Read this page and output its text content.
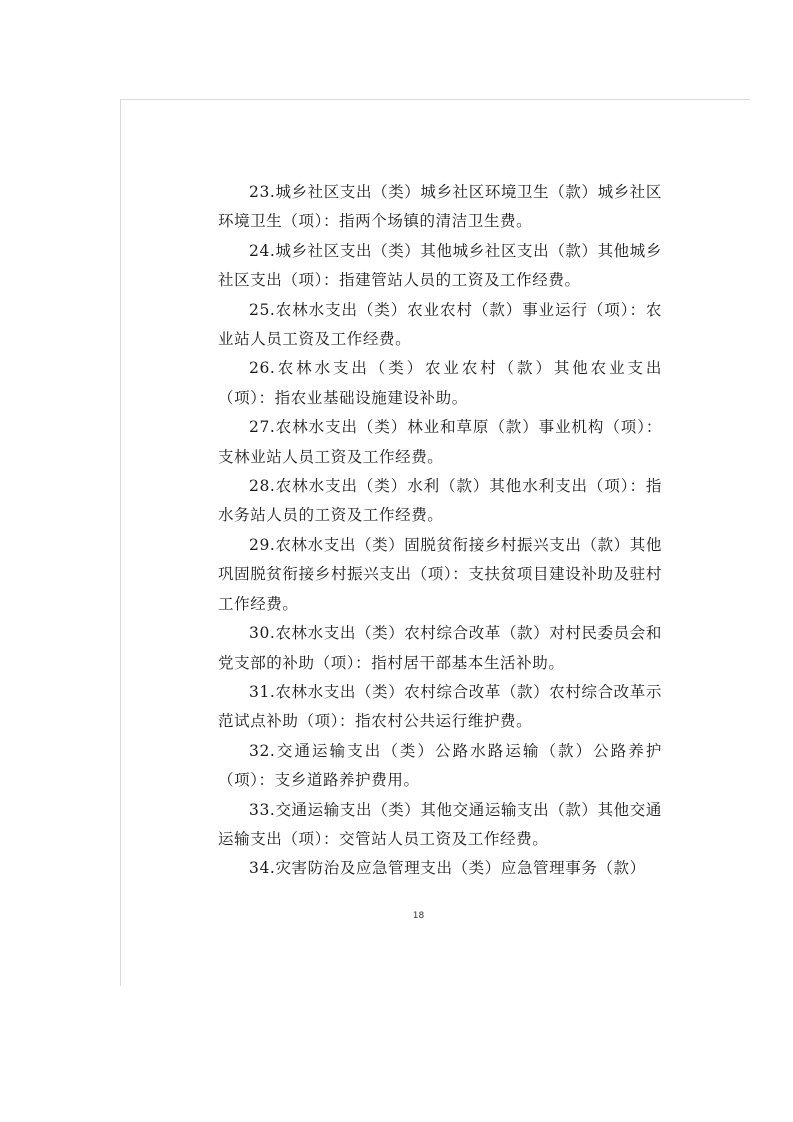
23.城乡社区支出（类）城乡社区环境卫生（款）城乡社区环境卫生（项）：指两个场镇的清洁卫生费。

24.城乡社区支出（类）其他城乡社区支出（款）其他城乡社区支出（项）：指建管站人员的工资及工作经费。

25.农林水支出（类）农业农村（款）事业运行（项）：农业站人员工资及工作经费。

26.农林水支出（类）农业农村（款）其他农业支出（项）：指农业基础设施建设补助。

27.农林水支出（类）林业和草原（款）事业机构（项）：支林业站人员工资及工作经费。

28.农林水支出（类）水利（款）其他水利支出（项）：指水务站人员的工资及工作经费。

29.农林水支出（类）固脱贫衔接乡村振兴支出（款）其他巩固脱贫衔接乡村振兴支出（项）：支扶贫项目建设补助及驻村工作经费。

30.农林水支出（类）农村综合改革（款）对村民委员会和党支部的补助（项）：指村居干部基本生活补助。

31.农林水支出（类）农村综合改革（款）农村综合改革示范试点补助（项）：指农村公共运行维护费。

32.交通运输支出（类）公路水路运输（款）公路养护（项）：支乡道路养护费用。

33.交通运输支出（类）其他交通运输支出（款）其他交通运输支出（项）：交管站人员工资及工作经费。

34.灾害防治及应急管理支出（类）应急管理事务（款）

18
